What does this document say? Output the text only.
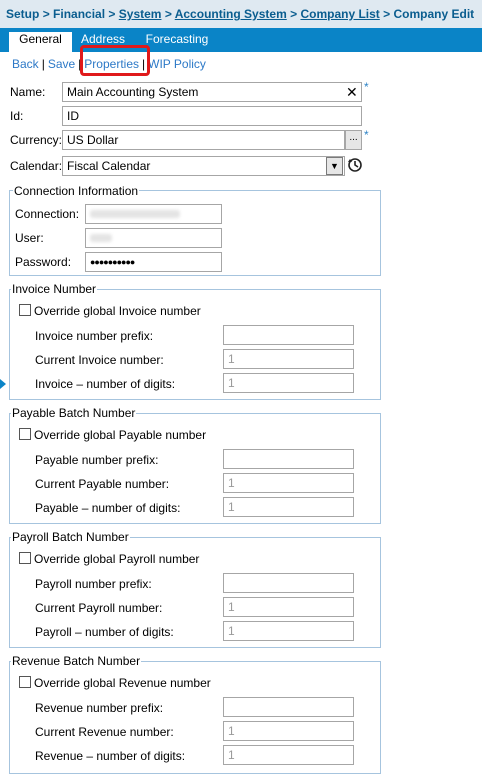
Setup > Financial > System > Accounting System > Company List > Company Edit
General	Address	Forecasting
Back | Save | Properties | WIP Policy
Name:	Main Accounting System	✕ *
Id:	ID
Currency: US Dollar	... *
Calendar: Fiscal Calendar	▼
Connection Information
Connection:
User:
Password:	●●●●●●●●●●
Invoice Number
Override global Invoice number
Invoice number prefix:
Current Invoice number:	1
Invoice – number of digits:	1
Payable Batch Number
Override global Payable number
Payable number prefix:
Current Payable number:	1
Payable – number of digits:	1
Payroll Batch Number
Override global Payroll number
Payroll number prefix:
Current Payroll number:	1
Payroll – number of digits:	1
Revenue Batch Number
Override global Revenue number
Revenue number prefix:
Current Revenue number:	1
Revenue – number of digits:	1
